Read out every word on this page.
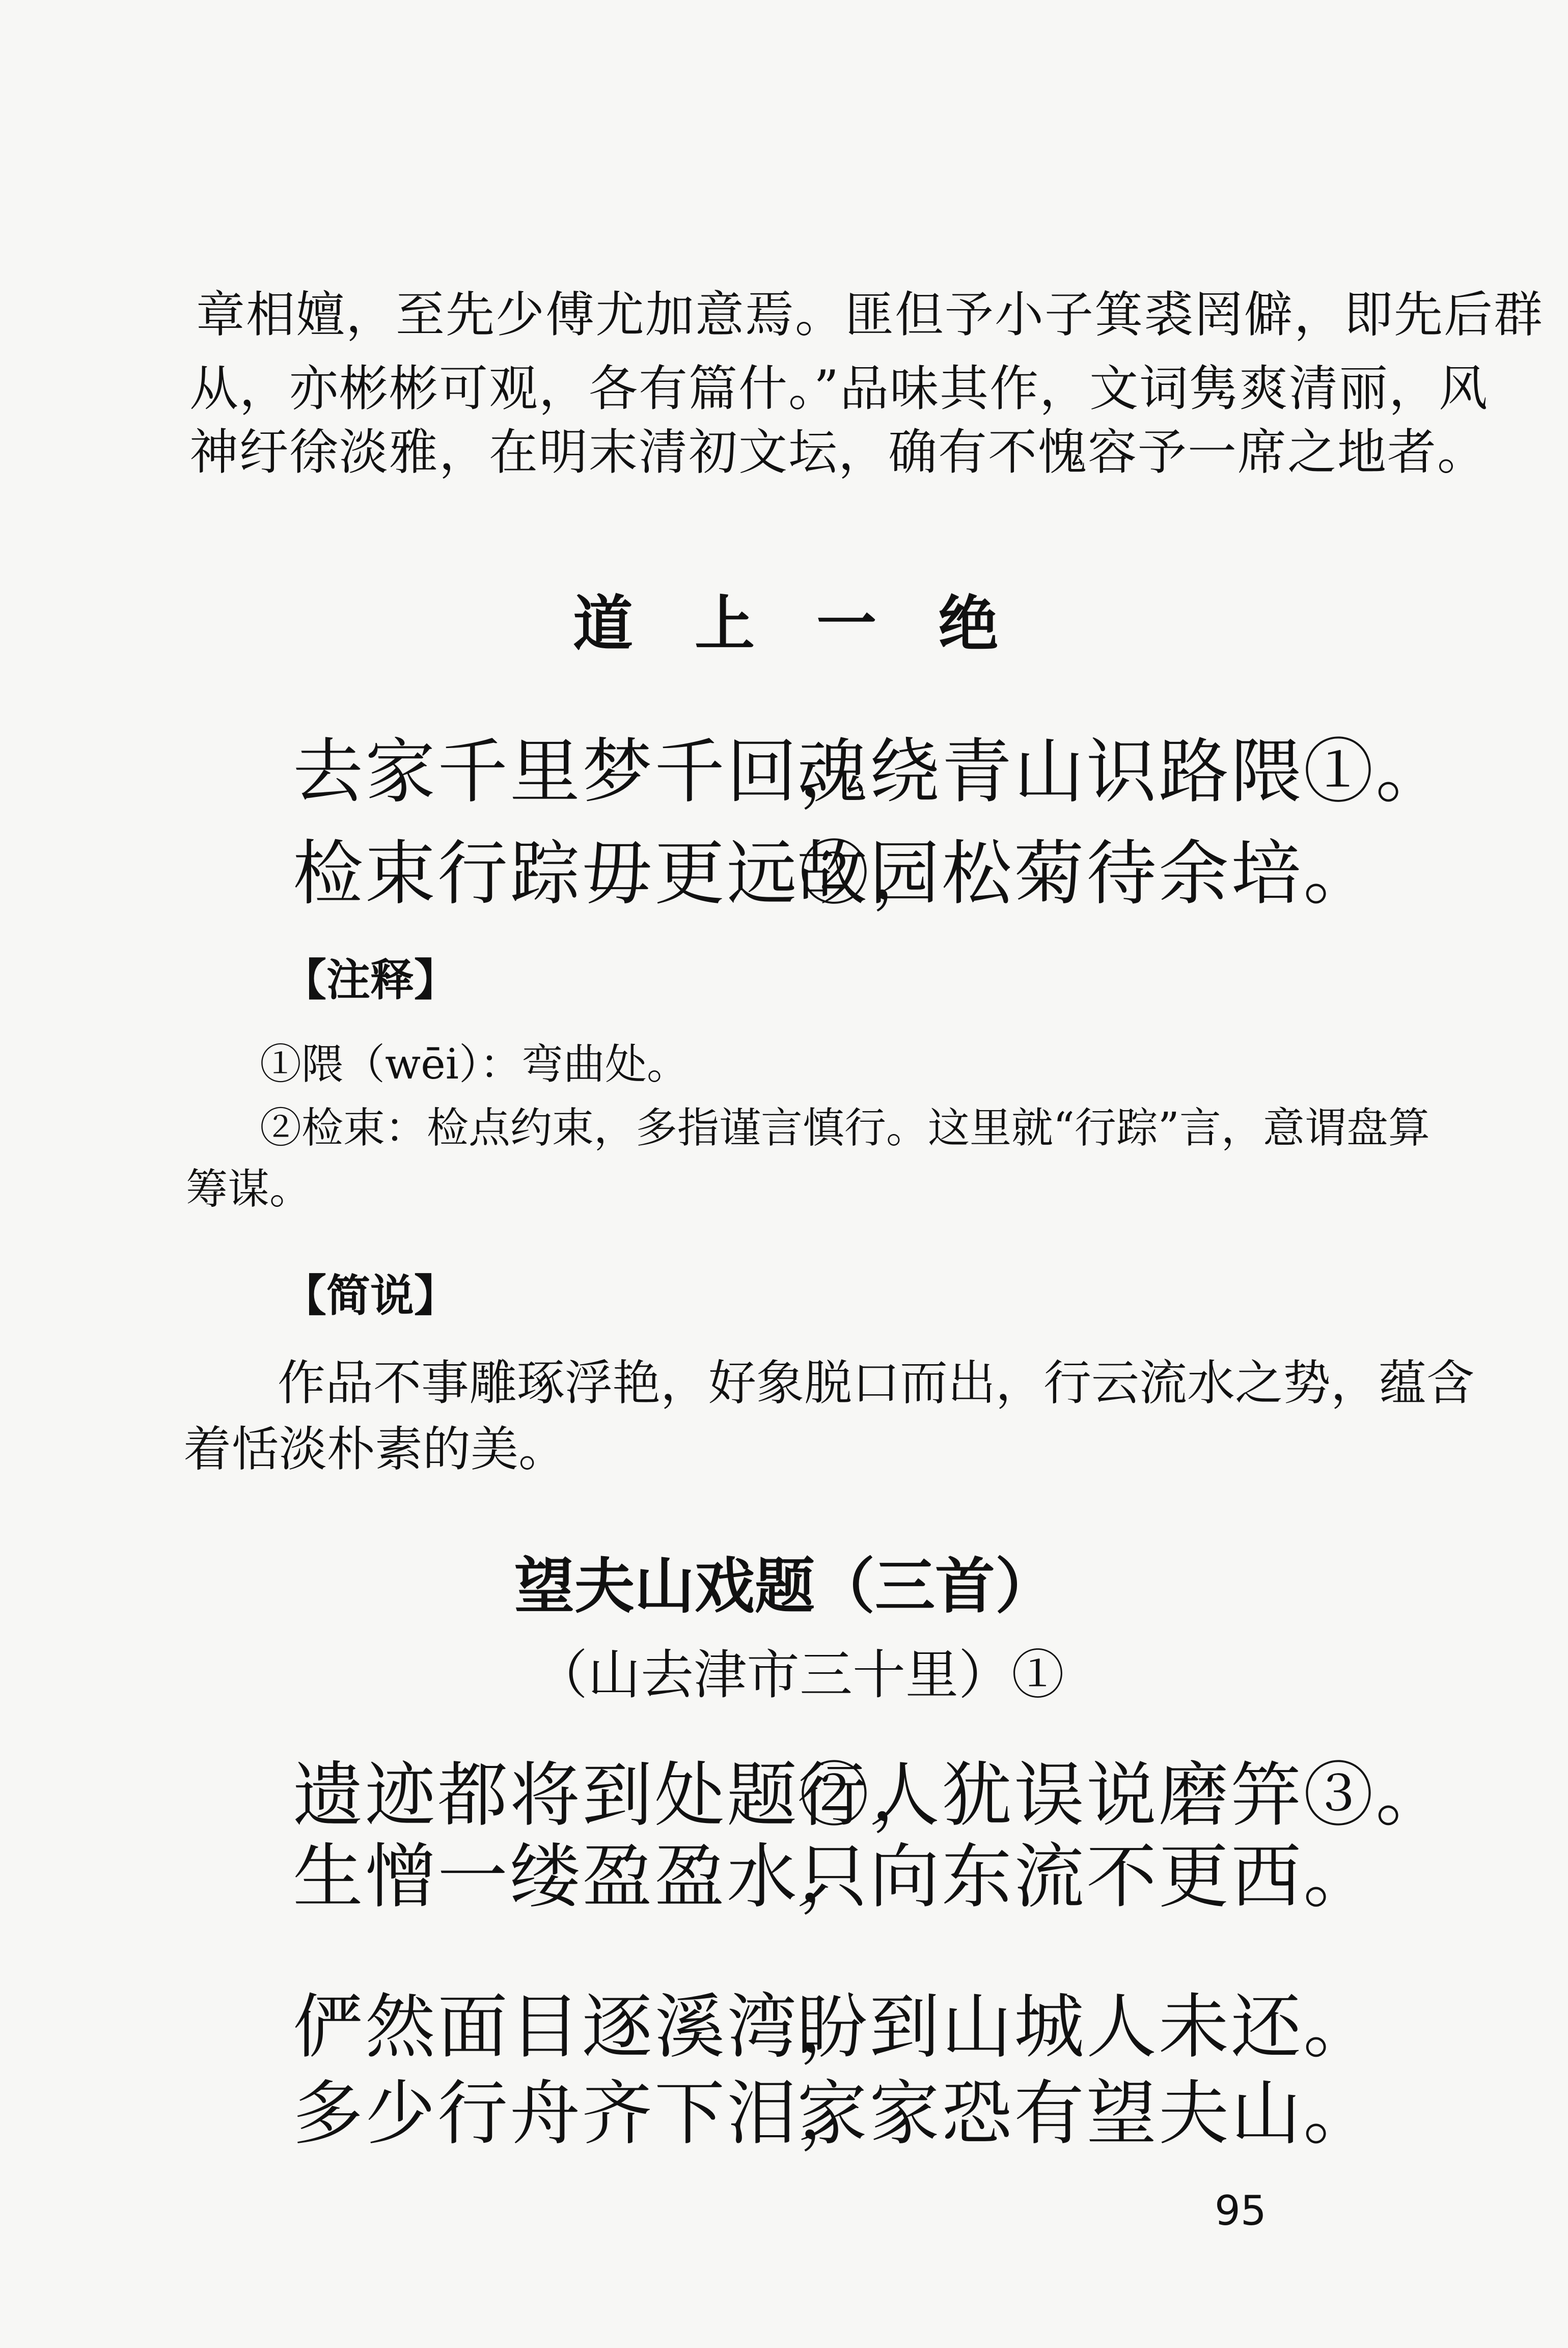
章相嬗，至先少傅尤加意焉。匪但予小子箕裘罔僻，即先后群
从，亦彬彬可观，各有篇什。”品味其作，文词隽爽清丽，风
神纡徐淡雅，在明末清初文坛，确有不愧容予一席之地者。
道 上 一 绝
去家千里梦千回，
魂绕青山识路隈①。
检束行踪毋更远②，
故园松菊待余培。
【注释】
①隈（wēi）：弯曲处。
②检束：检点约束，多指谨言慎行。这里就“行踪”言，意谓盘算
筹谋。
【简说】
作品不事雕琢浮艳，好象脱口而出，行云流水之势，蕴含
着恬淡朴素的美。
望夫山戏题（三首）
（山去津市三十里）①
遗迹都将到处题②，
行人犹误说磨笄③。
生憎一缕盈盈水，
只向东流不更西。
俨然面目逐溪湾，
盼到山城人未还。
多少行舟齐下泪，
家家恐有望夫山。
95
